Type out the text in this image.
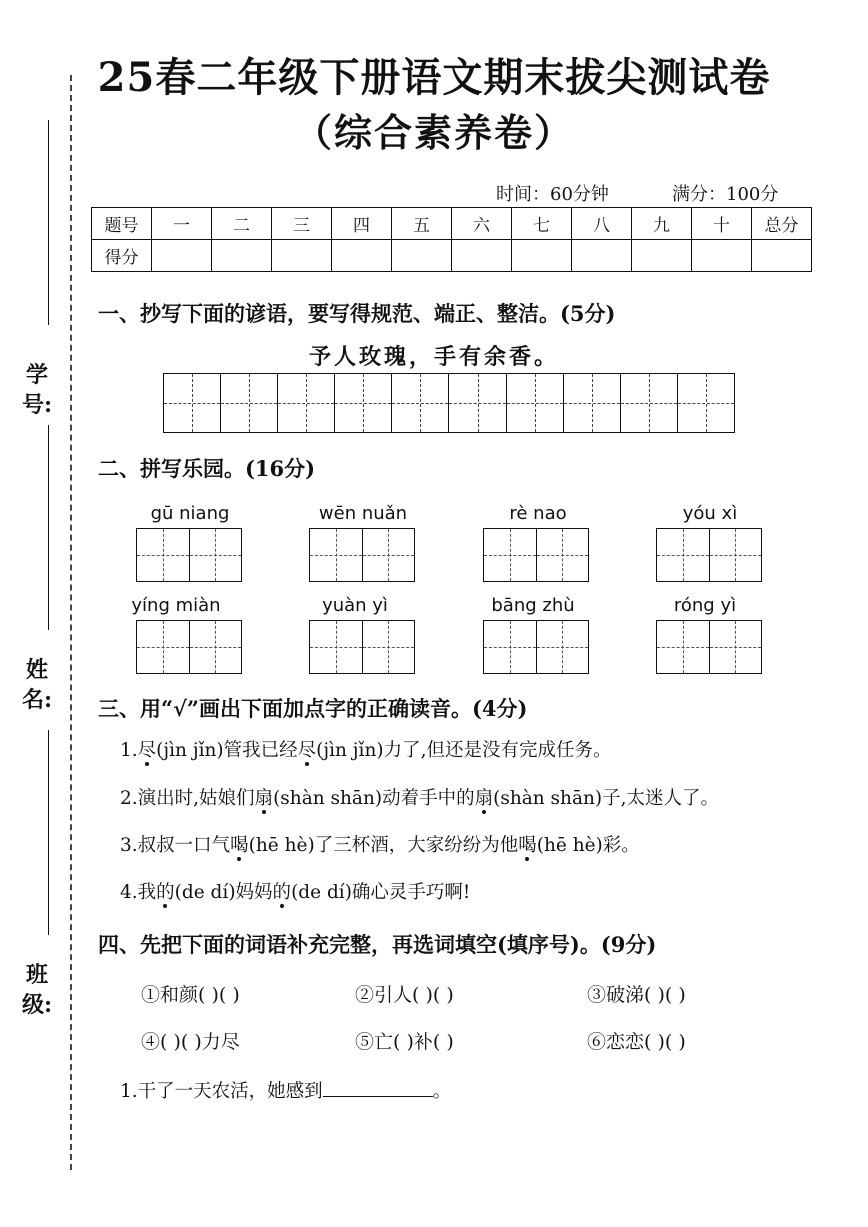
学号:
姓名:
班级:
25春二年级下册语文期末拔尖测试卷
（综合素养卷）
时间：60分钟	满分：100分
题号	一	二	三	四	五	六	七	八	九	十	总分
得分											
一、抄写下面的谚语，要写得规范、端正、整洁。(5分)
予人玫瑰，手有余香。
二、拼写乐园。(16分)
gū niang	wēn nuǎn	rè nao	yóu xì
yíng miàn	yuàn yì	bāng zhù	róng yì
三、用“√”画出下面加点字的正确读音。(4分)
1.尽(jìn jǐn)管我已经尽(jìn jǐn)力了,但还是没有完成任务。
2.演出时,姑娘们扇(shàn shān)动着手中的扇(shàn shān)子,太迷人了。
3.叔叔一口气喝(hē hè)了三杯酒，大家纷纷为他喝(hē hè)彩。
4.我的(de dí)妈妈的(de dí)确心灵手巧啊!
四、先把下面的词语补充完整，再选词填空(填序号)。(9分)
①和颜( )( )	②引人( )( )	③破涕( )( )
④( )( )力尽	⑤亡( )补( )	⑥恋恋( )( )
1.干了一天农活，她感到	。
